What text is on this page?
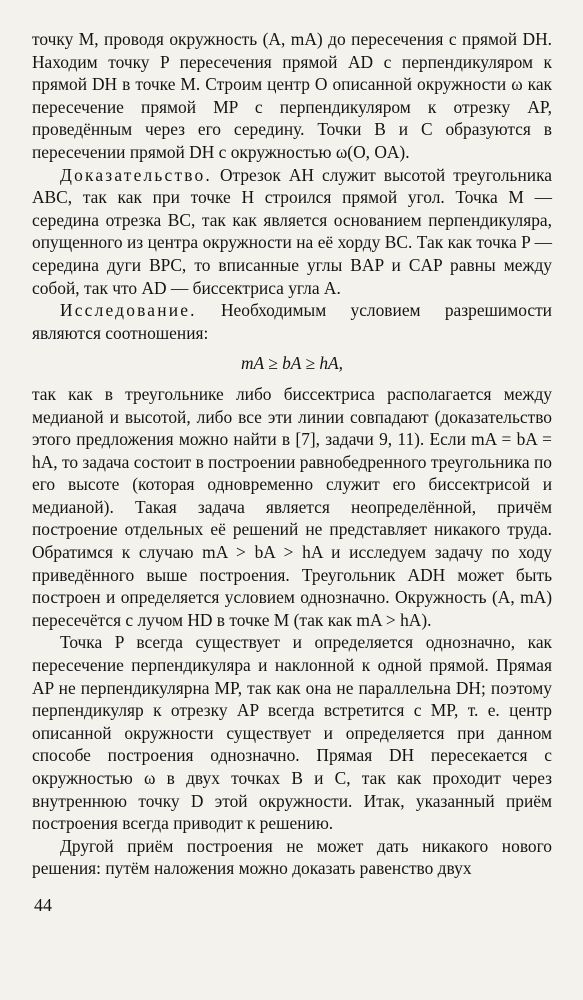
точку M, проводя окружность (A, mA) до пересечения с прямой DH. Находим точку P пересечения прямой AD с перпендикуляром к прямой DH в точке M. Строим центр O описанной окружности ω как пересечение прямой MP с перпендикуляром к отрезку AP, проведённым через его середину. Точки B и C образуются в пересечении прямой DH с окружностью ω(O, OA).

Доказательство. Отрезок AH служит высотой треугольника ABC, так как при точке H строился прямой угол. Точка M — середина отрезка BC, так как является основанием перпендикуляра, опущенного из центра окружности на её хорду BC. Так как точка P — середина дуги BPC, то вписанные углы BAP и CAP равны между собой, так что AD — биссектриса угла A.

Исследование. Необходимым условием разрешимости являются соотношения:

mA ≥ bA ≥ hA,

так как в треугольнике либо биссектриса располагается между медианой и высотой, либо все эти линии совпадают (доказательство этого предложения можно найти в [7], задачи 9, 11). Если mA = bA = hA, то задача состоит в построении равнобедренного треугольника по его высоте (которая одновременно служит его биссектрисой и медианой). Такая задача является неопределённой, причём построение отдельных её решений не представляет никакого труда. Обратимся к случаю mA > bA > hA и исследуем задачу по ходу приведённого выше построения. Треугольник ADH может быть построен и определяется условием однозначно. Окружность (A, mA) пересечётся с лучом HD в точке M (так как mA > hA).

Точка P всегда существует и определяется однозначно, как пересечение перпендикуляра и наклонной к одной прямой. Прямая AP не перпендикулярна MP, так как она не параллельна DH; поэтому перпендикуляр к отрезку AP всегда встретится с MP, т. е. центр описанной окружности существует и определяется при данном способе построения однозначно. Прямая DH пересекается с окружностью ω в двух точках B и C, так как проходит через внутреннюю точку D этой окружности. Итак, указанный приём построения всегда приводит к решению.

Другой приём построения не может дать никакого нового решения: путём наложения можно доказать равенство двух

44
